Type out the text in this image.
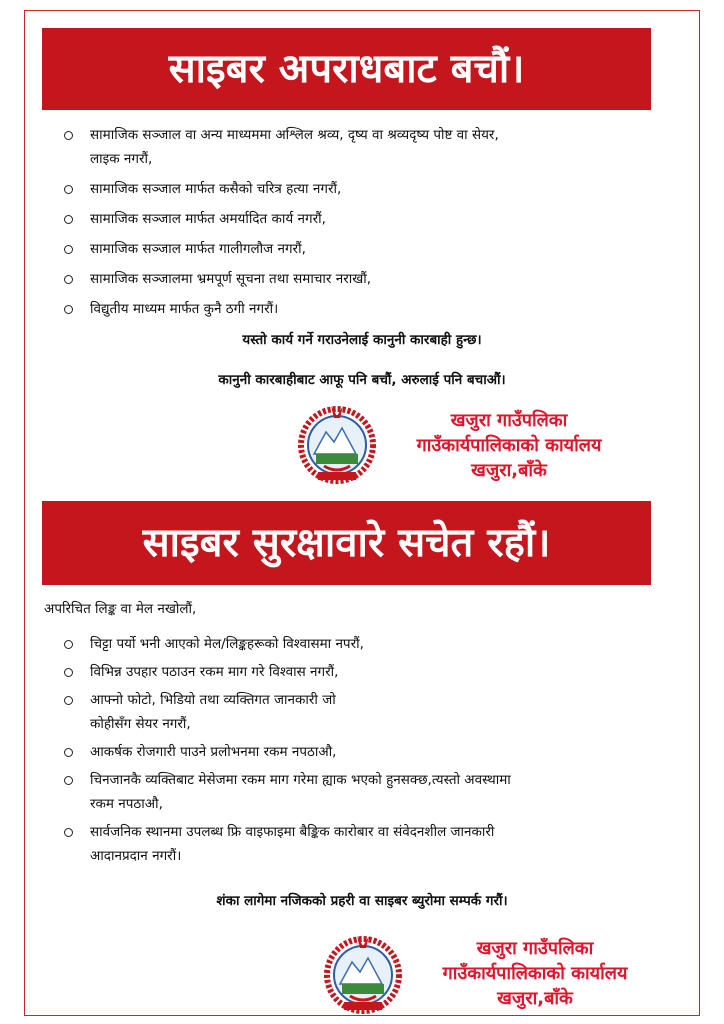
साइबर अपराधबाट बचौं।
सामाजिक सञ्जाल वा अन्य माध्यममा अश्लिल श्रव्य, दृष्य वा श्रव्यदृष्य पोष्ट वा सेयर,
लाइक नगरौं,
सामाजिक सञ्जाल मार्फत कसैको चरित्र हत्या नगरौं,
सामाजिक सञ्जाल मार्फत अमर्यादित कार्य नगरौं,
सामाजिक सञ्जाल मार्फत गालीगलौज नगरौं,
सामाजिक सञ्जालमा भ्रमपूर्ण सूचना तथा समाचार नराखौं,
विद्युतीय माध्यम मार्फत कुनै ठगी नगरौं।
यस्तो कार्य गर्ने गराउनेलाई कानुनी कारबाही हुन्छ।
कानुनी कारबाहीबाट आफू पनि बचौं, अरुलाई पनि बचाऔं।
खजुरा गाउँपलिका
गाउँकार्यपालिकाको कार्यालय
खजुरा,बाँके
साइबर सुरक्षावारे सचेत रहौं।
अपरिचित लिङ्क वा मेल नखोलौं,
चिट्टा पर्यो भनी आएको मेल/लिङ्कहरूको विश्वासमा नपरौं,
विभिन्न उपहार पठाउन रकम माग गरे विश्वास नगरौं,
आफ्नो फोटो, भिडियो तथा व्यक्तिगत जानकारी जो
कोहीसँग सेयर नगरौं,
आकर्षक रोजगारी पाउने प्रलोभनमा रकम नपठाऔ,
चिनजानकै व्यक्तिबाट मेसेजमा रकम माग गरेमा ह्याक भएको हुनसक्छ,त्यस्तो अवस्थामा
रकम नपठाऔ,
सार्वजनिक स्थानमा उपलब्ध फ्रि वाइफाइमा बैङ्किक कारोबार वा संवेदनशील जानकारी
आदानप्रदान नगरौं।
शंका लागेमा नजिकको प्रहरी वा साइबर ब्युरोमा सम्पर्क गरौं।
खजुरा गाउँपलिका
गाउँकार्यपालिकाको कार्यालय
खजुरा,बाँके
